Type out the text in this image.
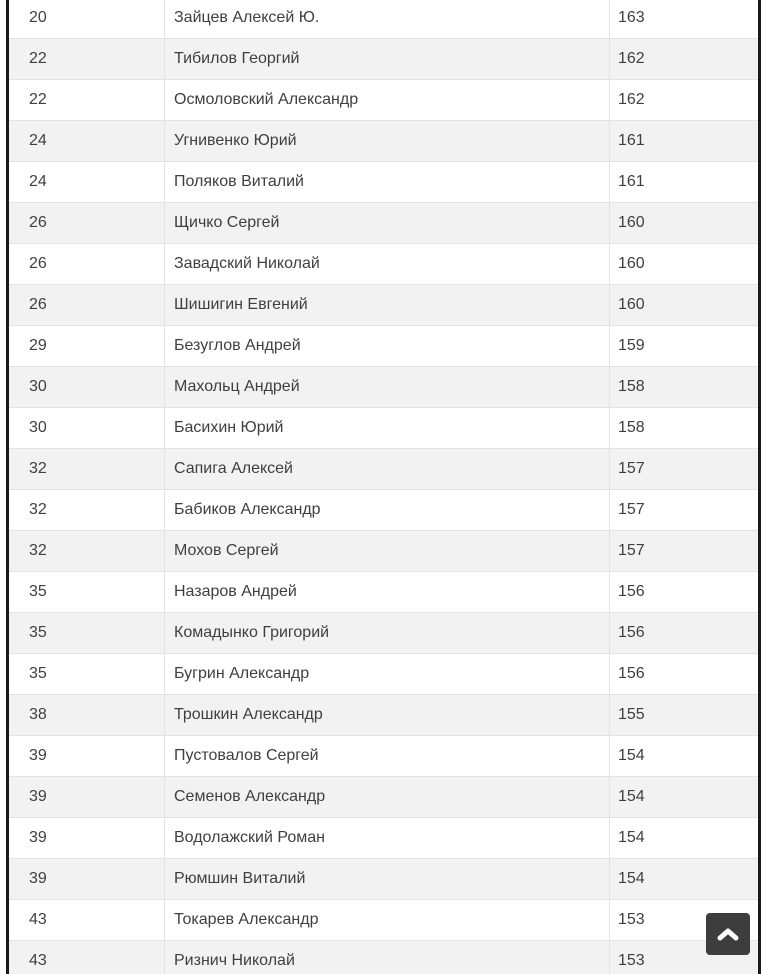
20	Зайцев Алексей Ю.	163
22	Тибилов Георгий	162
22	Осмоловский Александр	162
24	Угнивенко Юрий	161
24	Поляков Виталий	161
26	Щичко Сергей	160
26	Завадский Николай	160
26	Шишигин Евгений	160
29	Безуглов Андрей	159
30	Махольц Андрей	158
30	Басихин Юрий	158
32	Сапига Алексей	157
32	Бабиков Александр	157
32	Мохов Сергей	157
35	Назаров Андрей	156
35	Комадынко Григорий	156
35	Бугрин Александр	156
38	Трошкин Александр	155
39	Пустовалов Сергей	154
39	Семенов Александр	154
39	Водолажский Роман	154
39	Рюмшин Виталий	154
43	Токарев Александр	153
43	Ризнич Николай	153
